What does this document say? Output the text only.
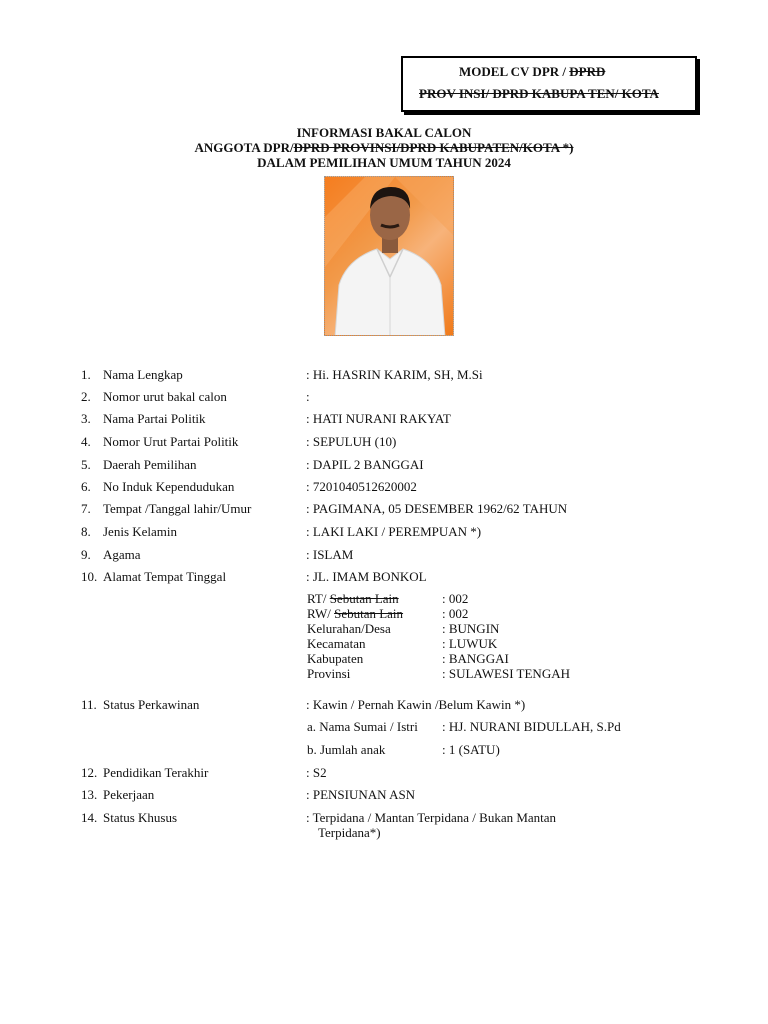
MODEL CV DPR / DPRD
PROV INSI/ DPRD KABUPA TEN/ KOTA
INFORMASI BAKAL CALON
ANGGOTA DPR/DPRD PROVINSI/DPRD KABUPATEN/KOTA *)
DALAM PEMILIHAN UMUM TAHUN 2024
1. Nama Lengkap	: Hi. HASRIN KARIM, SH, M.Si
2. Nomor urut bakal calon	:
3. Nama Partai Politik	: HATI NURANI RAKYAT
4. Nomor Urut Partai Politik	: SEPULUH (10)
5. Daerah Pemilihan	: DAPIL 2 BANGGAI
6. No Induk Kependudukan	: 7201040512620002
7. Tempat /Tanggal lahir/Umur	: PAGIMANA, 05 DESEMBER 1962/62 TAHUN
8. Jenis Kelamin	: LAKI LAKI / PEREMPUAN *)
9. Agama	: ISLAM
10. Alamat Tempat Tinggal	: JL. IMAM BONKOL
RT/ Sebutan Lain	: 002
RW/ Sebutan Lain	: 002
Kelurahan/Desa	: BUNGIN
Kecamatan	: LUWUK
Kabupaten	: BANGGAI
Provinsi	: SULAWESI TENGAH
11. Status Perkawinan	: Kawin / Pernah Kawin /Belum Kawin *)
a. Nama Sumai / Istri : HJ. NURANI BIDULLAH, S.Pd
b. Jumlah anak	: 1 (SATU)
12. Pendidikan Terakhir	: S2
13. Pekerjaan	: PENSIUNAN ASN
14. Status Khusus	: Terpidana / Mantan Terpidana / Bukan Mantan
Terpidana*)
